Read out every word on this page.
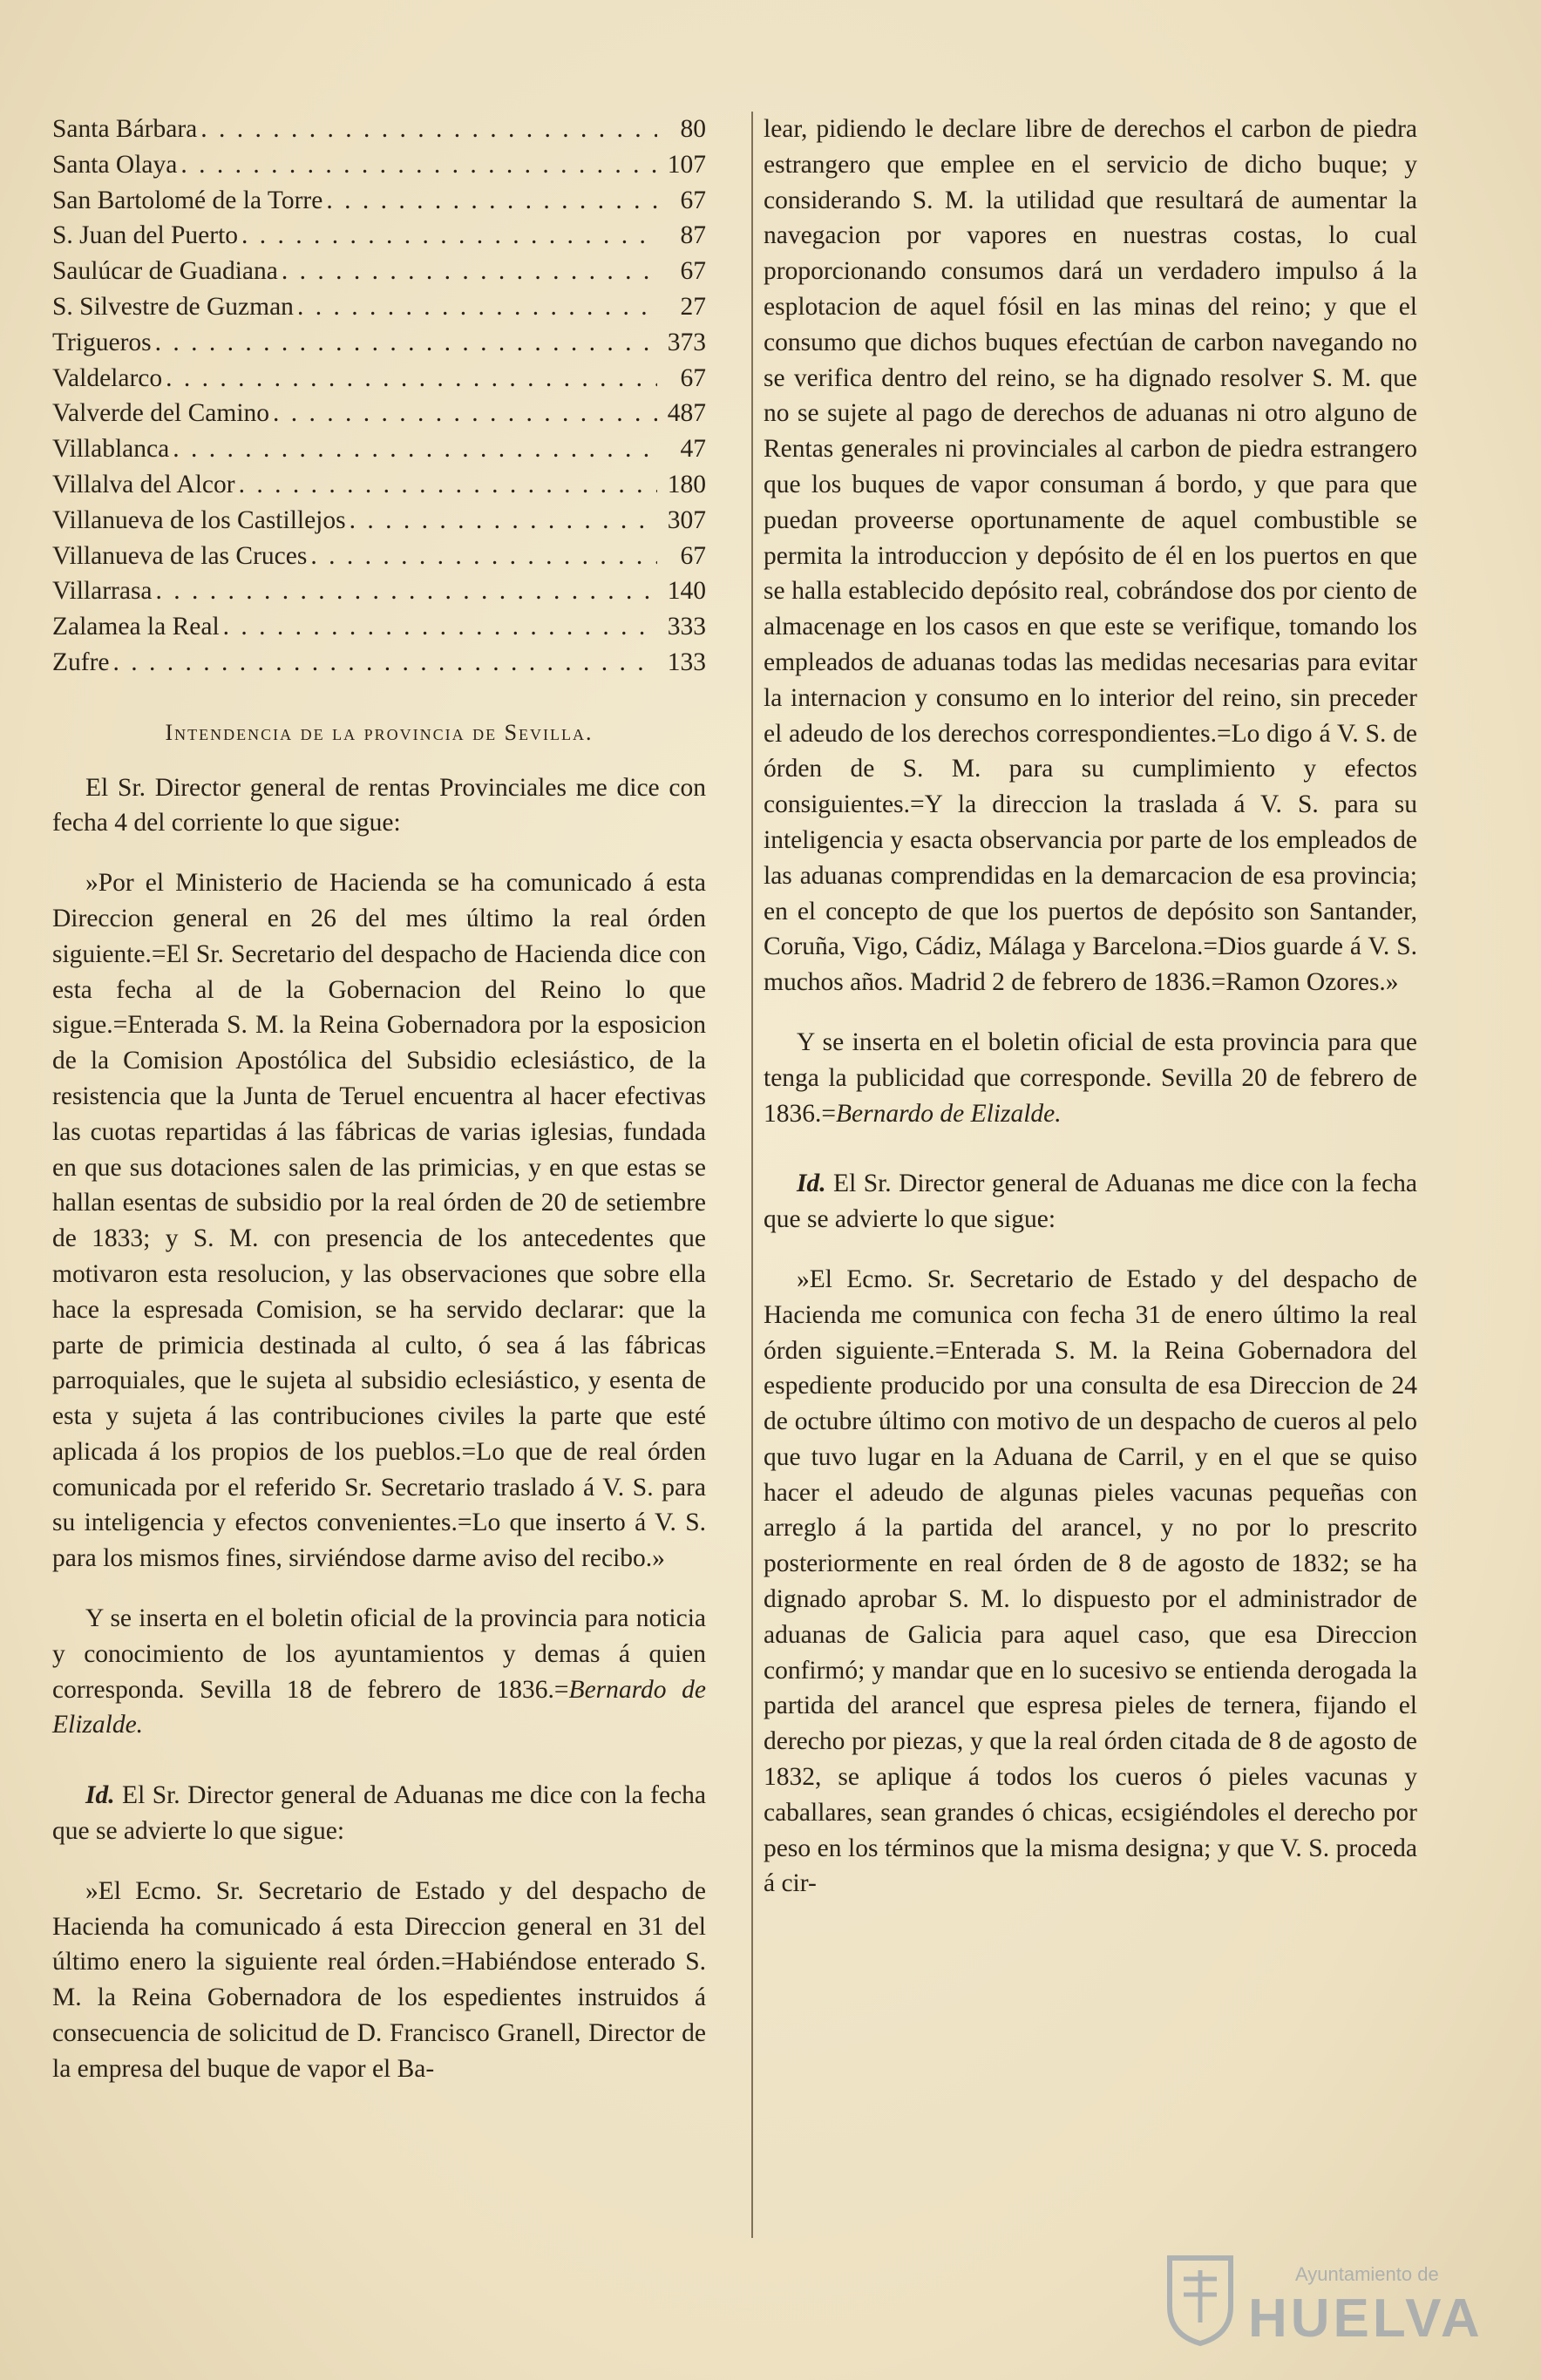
Santa Bárbara . . .	80
Santa Olaya . . .	107
San Bartolomé de la Torre . . .	67
S. Juan del Puerto . . .	87
Saulúcar de Guadiana . . .	67
S. Silvestre de Guzman . . .	27
Trigueros . . .	373
Valdelarco . . .	67
Valverde del Camino . . .	487
Villablanca . . .	47
Villalva del Alcor . . .	180
Villanueva de los Castillejos . . .	307
Villanueva de las Cruces . . .	67
Villarrasa . . .	140
Zalamea la Real . . .	333
Zufre . . .	133
Intendencia de la provincia de Sevilla.

El Sr. Director general de rentas Provinciales me dice con fecha 4 del corriente lo que sigue:

»Por el Ministerio de Hacienda se ha comunicado á esta Direccion general en 26 del mes último la real órden siguiente.=El Sr. Secretario del despacho de Hacienda dice con esta fecha al de la Gobernacion del Reino lo que sigue.=Enterada S. M. la Reina Gobernadora por la esposicion de la Comision Apostólica del Subsidio eclesiástico, de la resistencia que la Junta de Teruel encuentra al hacer efectivas las cuotas repartidas á las fábricas de varias iglesias, fundada en que sus dotaciones salen de las primicias, y en que estas se hallan esentas de subsidio por la real órden de 20 de setiembre de 1833; y S. M. con presencia de los antecedentes que motivaron esta resolucion, y las observaciones que sobre ella hace la espresada Comision, se ha servido declarar: que la parte de primicia destinada al culto, ó sea á las fábricas parroquiales, que le sujeta al subsidio eclesiástico, y esenta de esta y sujeta á las contribuciones civiles la parte que esté aplicada á los propios de los pueblos.=Lo que de real órden comunicada por el referido Sr. Secretario traslado á V. S. para su inteligencia y efectos convenientes.=Lo que inserto á V. S. para los mismos fines, sirviéndose darme aviso del recibo.»

Y se inserta en el boletin oficial de la provincia para noticia y conocimiento de los ayuntamientos y demas á quien corresponda. Sevilla 18 de febrero de 1836.=Bernardo de Elizalde.

Id. El Sr. Director general de Aduanas me dice con la fecha que se advierte lo que sigue:

»El Ecmo. Sr. Secretario de Estado y del despacho de Hacienda ha comunicado á esta Direccion general en 31 del último enero la siguiente real órden.=Habiéndose enterado S. M. la Reina Gobernadora de los espedientes instruidos á consecuencia de solicitud de D. Francisco Granell, Director de la empresa del buque de vapor el Ba-

lear, pidiendo le declare libre de derechos el carbon de piedra estrangero que emplee en el servicio de dicho buque; y considerando S. M. la utilidad que resultará de aumentar la navegacion por vapores en nuestras costas, lo cual proporcionando consumos dará un verdadero impulso á la esplotacion de aquel fósil en las minas del reino; y que el consumo que dichos buques efectúan de carbon navegando no se verifica dentro del reino, se ha dignado resolver S. M. que no se sujete al pago de derechos de aduanas ni otro alguno de Rentas generales ni provinciales al carbon de piedra estrangero que los buques de vapor consuman á bordo, y que para que puedan proveerse oportunamente de aquel combustible se permita la introduccion y depósito de él en los puertos en que se halla establecido depósito real, cobrándose dos por ciento de almacenage en los casos en que este se verifique, tomando los empleados de aduanas todas las medidas necesarias para evitar la internacion y consumo en lo interior del reino, sin preceder el adeudo de los derechos correspondientes.=Lo digo á V. S. de órden de S. M. para su cumplimiento y efectos consiguientes.=Y la direccion la traslada á V. S. para su inteligencia y esacta observancia por parte de los empleados de las aduanas comprendidas en la demarcacion de esa provincia; en el concepto de que los puertos de depósito son Santander, Coruña, Vigo, Cádiz, Málaga y Barcelona.=Dios guarde á V. S. muchos años. Madrid 2 de febrero de 1836.=Ramon Ozores.»

Y se inserta en el boletin oficial de esta provincia para que tenga la publicidad que corresponde. Sevilla 20 de febrero de 1836.=Bernardo de Elizalde.

Id. El Sr. Director general de Aduanas me dice con la fecha que se advierte lo que sigue:

»El Ecmo. Sr. Secretario de Estado y del despacho de Hacienda me comunica con fecha 31 de enero último la real órden siguiente.=Enterada S. M. la Reina Gobernadora del espediente producido por una consulta de esa Direccion de 24 de octubre último con motivo de un despacho de cueros al pelo que tuvo lugar en la Aduana de Carril, y en el que se quiso hacer el adeudo de algunas pieles vacunas pequeñas con arreglo á la partida del arancel, y no por lo prescrito posteriormente en real órden de 8 de agosto de 1832; se ha dignado aprobar S. M. lo dispuesto por el administrador de aduanas de Galicia para aquel caso, que esa Direccion confirmó; y mandar que en lo sucesivo se entienda derogada la partida del arancel que espresa pieles de ternera, fijando el derecho por piezas, y que la real órden citada de 8 de agosto de 1832, se aplique á todos los cueros ó pieles vacunas y caballares, sean grandes ó chicas, ecsigiéndoles el derecho por peso en los términos que la misma designa; y que V. S. proceda á cir-

Ayuntamiento de
HUELVA
